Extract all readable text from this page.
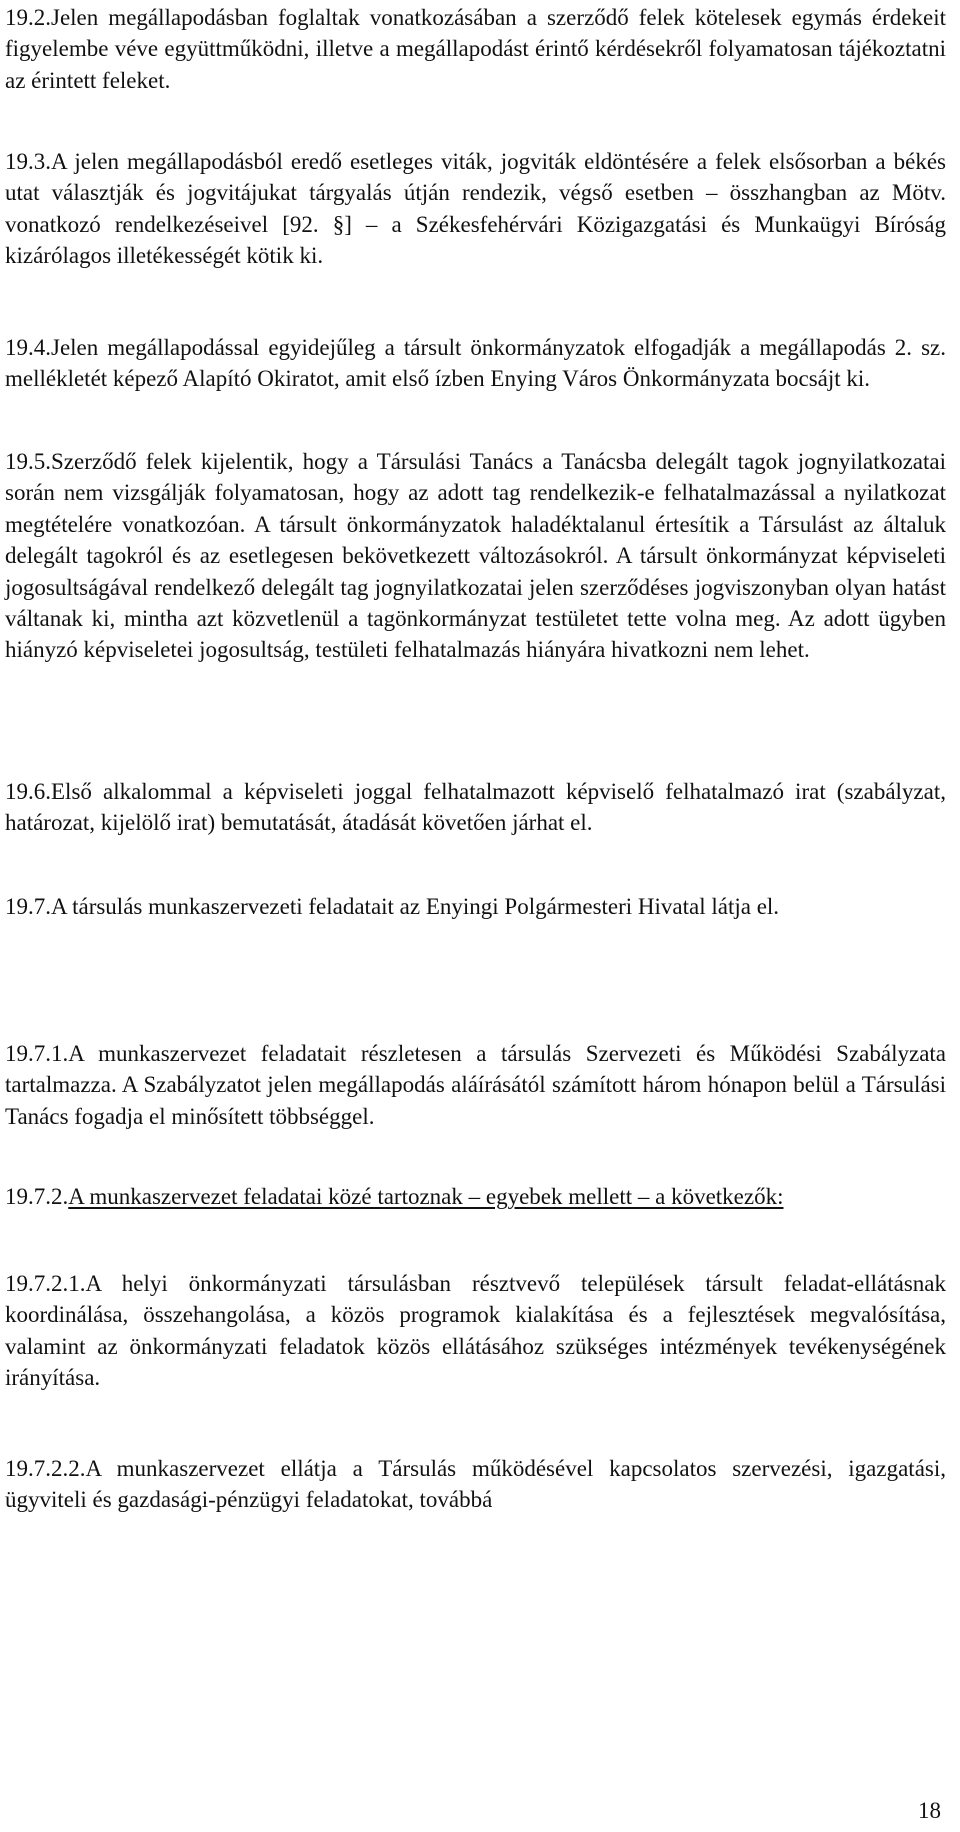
19.2.Jelen megállapodásban foglaltak vonatkozásában a szerződő felek kötelesek egymás érdekeit figyelembe véve együttműködni, illetve a megállapodást érintő kérdésekről folyamatosan tájékoztatni az érintett feleket.

19.3.A jelen megállapodásból eredő esetleges viták, jogviták eldöntésére a felek elsősorban a békés utat választják és jogvitájukat tárgyalás útján rendezik, végső esetben – összhangban az Mötv. vonatkozó rendelkezéseivel [92. §] – a Székesfehérvári Közigazgatási és Munkaügyi Bíróság kizárólagos illetékességét kötik ki.

19.4.Jelen megállapodással egyidejűleg a társult önkormányzatok elfogadják a megállapodás 2. sz. mellékletét képező Alapító Okiratot, amit első ízben Enying Város Önkormányzata bocsájt ki.

19.5.Szerződő felek kijelentik, hogy a Társulási Tanács a Tanácsba delegált tagok jognyilatkozatai során nem vizsgálják folyamatosan, hogy az adott tag rendelkezik-e felhatalmazással a nyilatkozat megtételére vonatkozóan. A társult önkormányzatok haladéktalanul értesítik a Társulást az általuk delegált tagokról és az esetlegesen bekövetkezett változásokról. A társult önkormányzat képviseleti jogosultságával rendelkező delegált tag jognyilatkozatai jelen szerződéses jogviszonyban olyan hatást váltanak ki, mintha azt közvetlenül a tagönkormányzat testületet tette volna meg. Az adott ügyben hiányzó képviseletei jogosultság, testületi felhatalmazás hiányára hivatkozni nem lehet.

19.6.Első alkalommal a képviseleti joggal felhatalmazott képviselő felhatalmazó irat (szabályzat, határozat, kijelölő irat) bemutatását, átadását követően járhat el.

19.7.A társulás munkaszervezeti feladatait az Enyingi Polgármesteri Hivatal látja el.

19.7.1.A munkaszervezet feladatait részletesen a társulás Szervezeti és Működési Szabályzata tartalmazza. A Szabályzatot jelen megállapodás aláírásától számított három hónapon belül a Társulási Tanács fogadja el minősített többséggel.

19.7.2.A munkaszervezet feladatai közé tartoznak – egyebek mellett – a következők:

19.7.2.1.A helyi önkormányzati társulásban résztvevő települések társult feladat-ellátásnak koordinálása, összehangolása, a közös programok kialakítása és a fejlesztések megvalósítása, valamint az önkormányzati feladatok közös ellátásához szükséges intézmények tevékenységének irányítása.

19.7.2.2.A munkaszervezet ellátja a Társulás működésével kapcsolatos szervezési, igazgatási, ügyviteli és gazdasági-pénzügyi feladatokat, továbbá

18
